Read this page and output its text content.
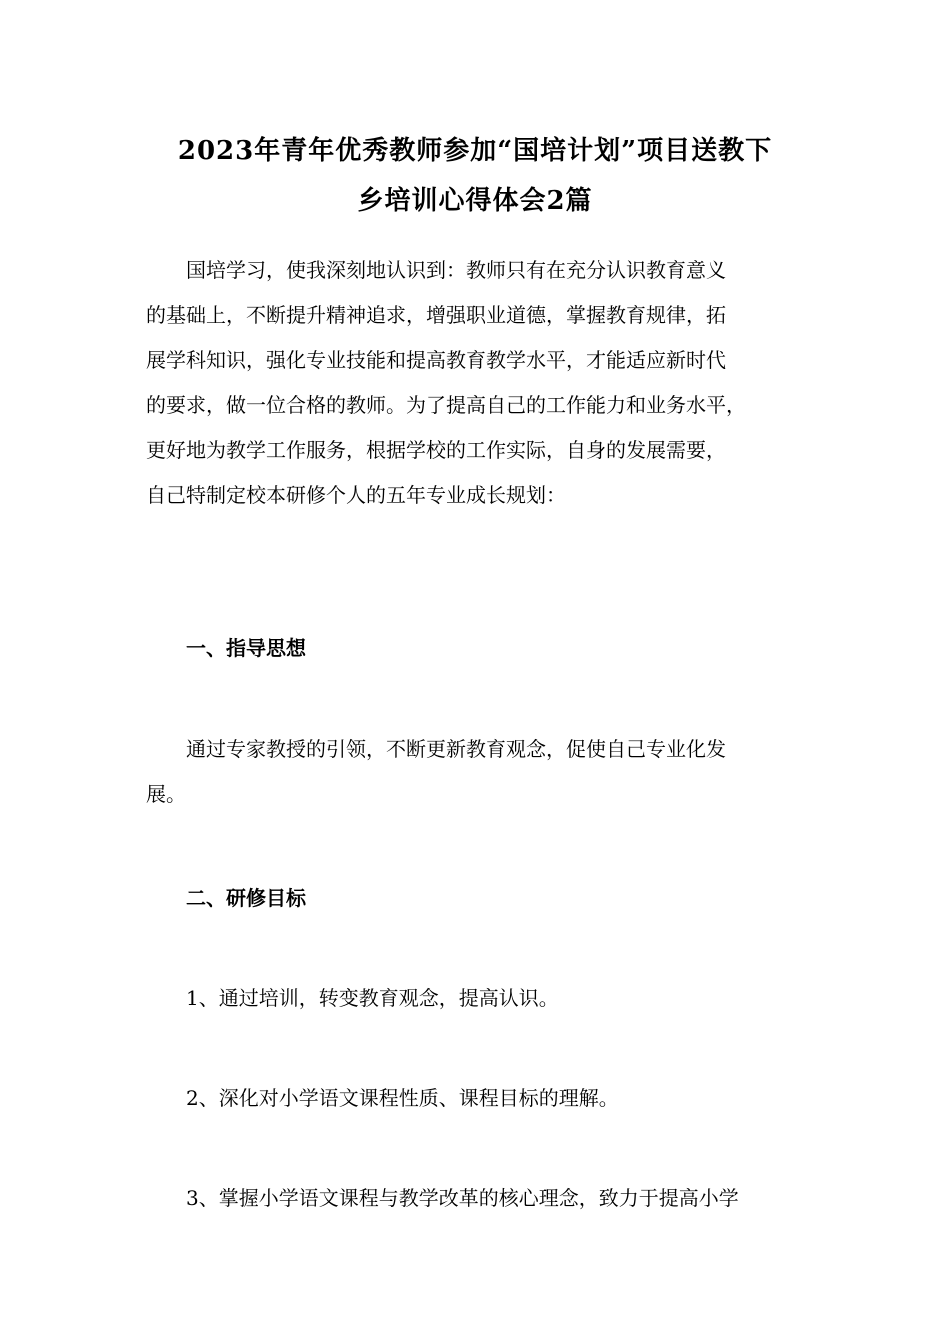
2023年青年优秀教师参加“国培计划”项目送教下
乡培训心得体会2篇
国培学习，使我深刻地认识到：教师只有在充分认识教育意义
的基础上，不断提升精神追求，增强职业道德，掌握教育规律，拓
展学科知识，强化专业技能和提高教育教学水平，才能适应新时代
的要求，做一位合格的教师。为了提高自己的工作能力和业务水平，
更好地为教学工作服务，根据学校的工作实际，自身的发展需要，
自己特制定校本研修个人的五年专业成长规划：
一、指导思想
通过专家教授的引领，不断更新教育观念，促使自己专业化发
展。
二、研修目标
1、通过培训，转变教育观念，提高认识。
2、深化对小学语文课程性质、课程目标的理解。
3、掌握小学语文课程与教学改革的核心理念，致力于提高小学
